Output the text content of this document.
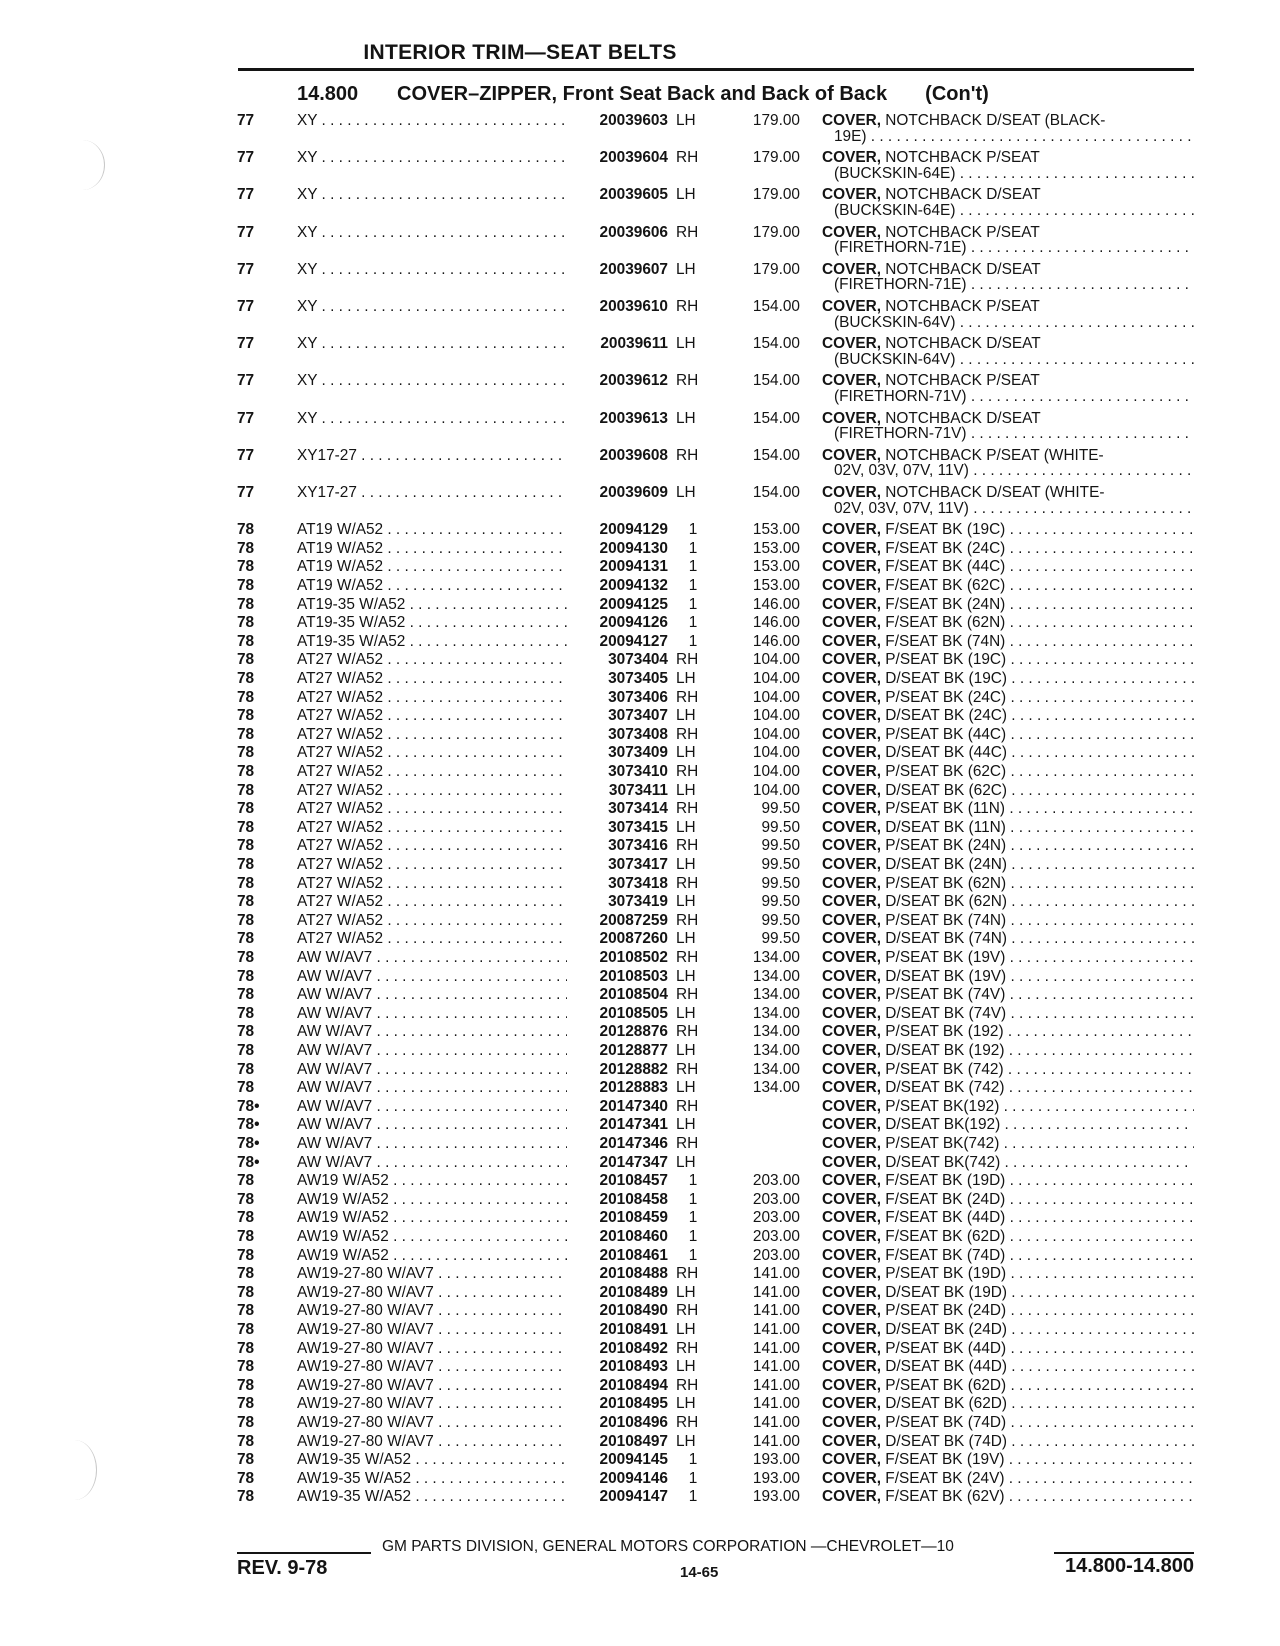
INTERIOR TRIM—SEAT BELTS
14.800 COVER–ZIPPER, Front Seat Back and Back of Back (Con't)
77	XY . . .	20039603 LH	179.00 COVER, NOTCHBACK D/SEAT (BLACK-
19E) . . .
77	XY . . .	20039604 RH	179.00 COVER, NOTCHBACK P/SEAT
(BUCKSKIN-64E) . . .
77	XY . . .	20039605 LH	179.00 COVER, NOTCHBACK D/SEAT
(BUCKSKIN-64E) . . .
77	XY . . .	20039606 RH	179.00 COVER, NOTCHBACK P/SEAT
(FIRETHORN-71E) . . .
77	XY . . .	20039607 LH	179.00 COVER, NOTCHBACK D/SEAT
(FIRETHORN-71E) . . .
77	XY . . .	20039610 RH	154.00 COVER, NOTCHBACK P/SEAT
(BUCKSKIN-64V) . . .
77	XY . . .	20039611 LH	154.00 COVER, NOTCHBACK D/SEAT
(BUCKSKIN-64V) . . .
77	XY . . .	20039612 RH	154.00 COVER, NOTCHBACK P/SEAT
(FIRETHORN-71V) . . .
77	XY . . .	20039613 LH	154.00 COVER, NOTCHBACK D/SEAT
(FIRETHORN-71V) . . .
77	XY17-27 . . .	20039608 RH	154.00 COVER, NOTCHBACK P/SEAT (WHITE-
02V, 03V, 07V, 11V) . . .
77	XY17-27 . . .	20039609 LH	154.00 COVER, NOTCHBACK D/SEAT (WHITE-
02V, 03V, 07V, 11V) . . .
78	AT19 W/A52 . . .	20094129	1	153.00 COVER, F/SEAT BK (19C) . . .
78	AT19 W/A52 . . .	20094130	1	153.00 COVER, F/SEAT BK (24C) . . .
78	AT19 W/A52 . . .	20094131	1	153.00 COVER, F/SEAT BK (44C) . . .
78	AT19 W/A52 . . .	20094132	1	153.00 COVER, F/SEAT BK (62C) . . .
78	AT19-35 W/A52 . . .	20094125	1	146.00 COVER, F/SEAT BK (24N) . . .
78	AT19-35 W/A52 . . .	20094126	1	146.00 COVER, F/SEAT BK (62N) . . .
78	AT19-35 W/A52 . . .	20094127	1	146.00 COVER, F/SEAT BK (74N) . . .
78	AT27 W/A52 . . .	3073404 RH	104.00 COVER, P/SEAT BK (19C) . . .
78	AT27 W/A52 . . .	3073405 LH	104.00 COVER, D/SEAT BK (19C) . . .
78	AT27 W/A52 . . .	3073406 RH	104.00 COVER, P/SEAT BK (24C) . . .
78	AT27 W/A52 . . .	3073407 LH	104.00 COVER, D/SEAT BK (24C) . . .
78	AT27 W/A52 . . .	3073408 RH	104.00 COVER, P/SEAT BK (44C) . . .
78	AT27 W/A52 . . .	3073409 LH	104.00 COVER, D/SEAT BK (44C) . . .
78	AT27 W/A52 . . .	3073410 RH	104.00 COVER, P/SEAT BK (62C) . . .
78	AT27 W/A52 . . .	3073411 LH	104.00 COVER, D/SEAT BK (62C) . . .
78	AT27 W/A52 . . .	3073414 RH	99.50 COVER, P/SEAT BK (11N) . . .
78	AT27 W/A52 . . .	3073415 LH	99.50 COVER, D/SEAT BK (11N) . . .
78	AT27 W/A52 . . .	3073416 RH	99.50 COVER, P/SEAT BK (24N) . . .
78	AT27 W/A52 . . .	3073417 LH	99.50 COVER, D/SEAT BK (24N) . . .
78	AT27 W/A52 . . .	3073418 RH	99.50 COVER, P/SEAT BK (62N) . . .
78	AT27 W/A52 . . .	3073419 LH	99.50 COVER, D/SEAT BK (62N) . . .
78	AT27 W/A52 . . .	20087259 RH	99.50 COVER, P/SEAT BK (74N) . . .
78	AT27 W/A52 . . .	20087260 LH	99.50 COVER, D/SEAT BK (74N) . . .
78	AW W/AV7 . . .	20108502 RH	134.00 COVER, P/SEAT BK (19V) . . .
78	AW W/AV7 . . .	20108503 LH	134.00 COVER, D/SEAT BK (19V) . . .
78	AW W/AV7 . . .	20108504 RH	134.00 COVER, P/SEAT BK (74V) . . .
78	AW W/AV7 . . .	20108505 LH	134.00 COVER, D/SEAT BK (74V) . . .
78	AW W/AV7 . . .	20128876 RH	134.00 COVER, P/SEAT BK (192) . . .
78	AW W/AV7 . . .	20128877 LH	134.00 COVER, D/SEAT BK (192) . . .
78	AW W/AV7 . . .	20128882 RH	134.00 COVER, P/SEAT BK (742) . . .
78	AW W/AV7 . . .	20128883 LH	134.00 COVER, D/SEAT BK (742) . . .
78• AW W/AV7 . . .	20147340 RH	COVER, P/SEAT BK(192) . . .
78• AW W/AV7 . . .	20147341 LH	COVER, D/SEAT BK(192) . . .
78• AW W/AV7 . . .	20147346 RH	COVER, P/SEAT BK(742) . . .
78• AW W/AV7 . . .	20147347 LH	COVER, D/SEAT BK(742) . . .
78	AW19 W/A52 . . .	20108457	1	203.00 COVER, F/SEAT BK (19D) . . .
78	AW19 W/A52 . . .	20108458	1	203.00 COVER, F/SEAT BK (24D) . . .
78	AW19 W/A52 . . .	20108459	1	203.00 COVER, F/SEAT BK (44D) . . .
78	AW19 W/A52 . . .	20108460	1	203.00 COVER, F/SEAT BK (62D) . . .
78	AW19 W/A52 . . .	20108461	1	203.00 COVER, F/SEAT BK (74D) . . .
78	AW19-27-80 W/AV7 . . .	20108488 RH	141.00 COVER, P/SEAT BK (19D) . . .
78	AW19-27-80 W/AV7 . . .	20108489 LH	141.00 COVER, D/SEAT BK (19D) . . .
78	AW19-27-80 W/AV7 . . .	20108490 RH	141.00 COVER, P/SEAT BK (24D) . . .
78	AW19-27-80 W/AV7 . . .	20108491 LH	141.00 COVER, D/SEAT BK (24D) . . .
78	AW19-27-80 W/AV7 . . .	20108492 RH	141.00 COVER, P/SEAT BK (44D) . . .
78	AW19-27-80 W/AV7 . . .	20108493 LH	141.00 COVER, D/SEAT BK (44D) . . .
78	AW19-27-80 W/AV7 . . .	20108494 RH	141.00 COVER, P/SEAT BK (62D) . . .
78	AW19-27-80 W/AV7 . . .	20108495 LH	141.00 COVER, D/SEAT BK (62D) . . .
78	AW19-27-80 W/AV7 . . .	20108496 RH	141.00 COVER, P/SEAT BK (74D) . . .
78	AW19-27-80 W/AV7 . . .	20108497 LH	141.00 COVER, D/SEAT BK (74D) . . .
78	AW19-35 W/A52 . . .	20094145	1	193.00 COVER, F/SEAT BK (19V) . . .
78	AW19-35 W/A52 . . .	20094146	1	193.00 COVER, F/SEAT BK (24V) . . .
78	AW19-35 W/A52 . . .	20094147	1	193.00 COVER, F/SEAT BK (62V) . . .
GM PARTS DIVISION, GENERAL MOTORS CORPORATION —CHEVROLET—10
REV. 9-78	14-65	14.800-14.800
